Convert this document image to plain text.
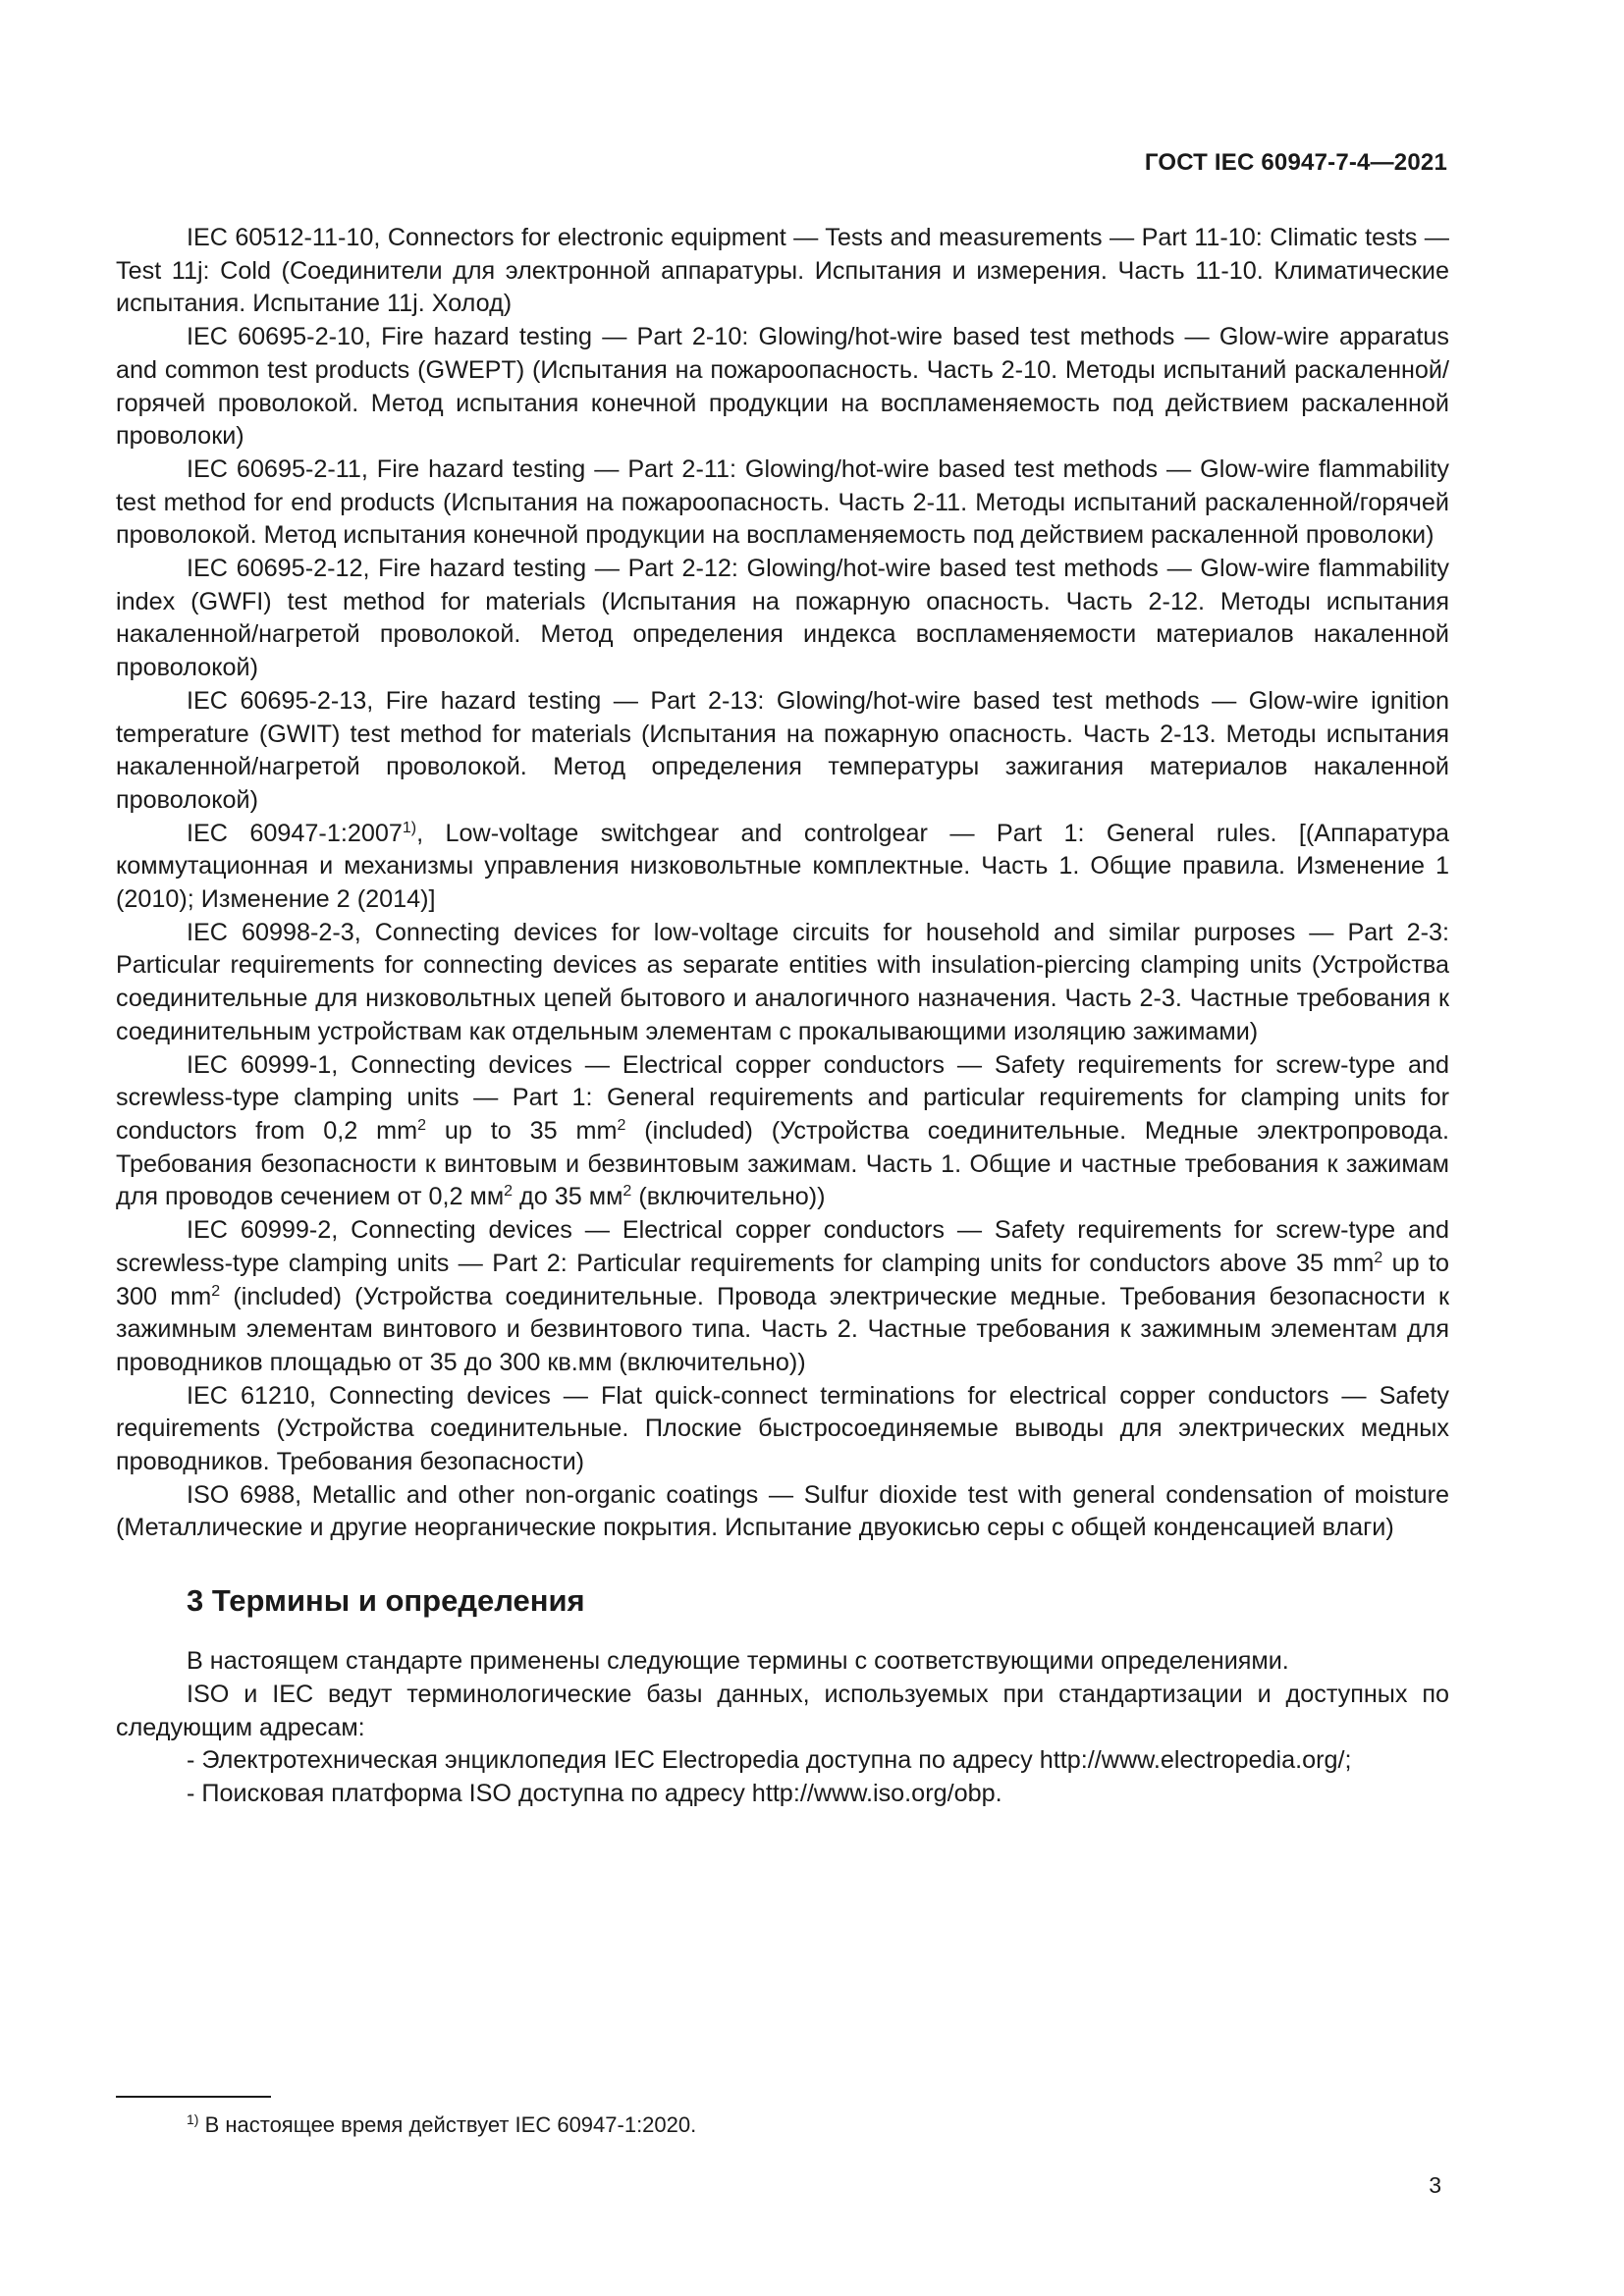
ГОСТ IEC 60947-7-4—2021

IEC 60512-11-10, Connectors for electronic equipment — Tests and measurements — Part 11-10: Climatic tests — Test 11j: Cold (Соединители для электронной аппаратуры. Испытания и измерения. Часть 11-10. Климатические испытания. Испытание 11j. Холод)

IEC 60695-2-10, Fire hazard testing — Part 2-10: Glowing/hot-wire based test methods — Glow-wire apparatus and common test products (GWEPT) (Испытания на пожароопасность. Часть 2-10. Методы испытаний раскаленной/горячей проволокой. Метод испытания конечной продукции на воспламеняемость под действием раскаленной проволоки)

IEC 60695-2-11, Fire hazard testing — Part 2-11: Glowing/hot-wire based test methods — Glow-wire flammability test method for end products (Испытания на пожароопасность. Часть 2-11. Методы испытаний раскаленной/горячей проволокой. Метод испытания конечной продукции на воспламеняемость под действием раскаленной проволоки)

IEC 60695-2-12, Fire hazard testing — Part 2-12: Glowing/hot-wire based test methods — Glow-wire flammability index (GWFI) test method for materials (Испытания на пожарную опасность. Часть 2-12. Методы испытания накаленной/нагретой проволокой. Метод определения индекса воспламеняемости материалов накаленной проволокой)

IEC 60695-2-13, Fire hazard testing — Part 2-13: Glowing/hot-wire based test methods — Glow-wire ignition temperature (GWIT) test method for materials (Испытания на пожарную опасность. Часть 2-13. Методы испытания накаленной/нагретой проволокой. Метод определения температуры зажигания материалов накаленной проволокой)

IEC 60947-1:2007$^{1)}$, Low-voltage switchgear and controlgear — Part 1: General rules. [(Аппаратура коммутационная и механизмы управления низковольтные комплектные. Часть 1. Общие правила. Изменение 1 (2010); Изменение 2 (2014)]

IEC 60998-2-3, Connecting devices for low-voltage circuits for household and similar purposes — Part 2-3: Particular requirements for connecting devices as separate entities with insulation-piercing clamping units (Устройства соединительные для низковольтных цепей бытового и аналогичного назначения. Часть 2-3. Частные требования к соединительным устройствам как отдельным элементам с прокалывающими изоляцию зажимами)

IEC 60999-1, Connecting devices — Electrical copper conductors — Safety requirements for screw-type and screwless-type clamping units — Part 1: General requirements and particular requirements for clamping units for conductors from 0,2 $mm^2$ up to 35 $mm^2$ (included) (Устройства соединительные. Медные электропровода. Требования безопасности к винтовым и безвинтовым зажимам. Часть 1. Общие и частные требования к зажимам для проводов сечением от 0,2 $мм^2$ до 35 $мм^2$ (включительно))

IEC 60999-2, Connecting devices — Electrical copper conductors — Safety requirements for screw-type and screwless-type clamping units — Part 2: Particular requirements for clamping units for conductors above 35 $mm^2$ up to 300 $mm^2$ (included) (Устройства соединительные. Провода электрические медные. Требования безопасности к зажимным элементам винтового и безвинтового типа. Часть 2. Частные требования к зажимным элементам для проводников площадью от 35 до 300 кв.мм (включительно))

IEC 61210, Connecting devices — Flat quick-connect terminations for electrical copper conductors — Safety requirements (Устройства соединительные. Плоские быстросоединяемые выводы для электрических медных проводников. Требования безопасности)

ISO 6988, Metallic and other non-organic coatings — Sulfur dioxide test with general condensation of moisture (Металлические и другие неорганические покрытия. Испытание двуокисью серы с общей конденсацией влаги)

3 Термины и определения

В настоящем стандарте применены следующие термины с соответствующими определениями.

ISO и IEC ведут терминологические базы данных, используемых при стандартизации и доступных по следующим адресам:

- Электротехническая энциклопедия IEC Electropedia доступна по адресу http://www.electropedia.org/;

- Поисковая платформа ISO доступна по адресу http://www.iso.org/obp.

$^{1)}$ В настоящее время действует IEC 60947-1:2020.
3
